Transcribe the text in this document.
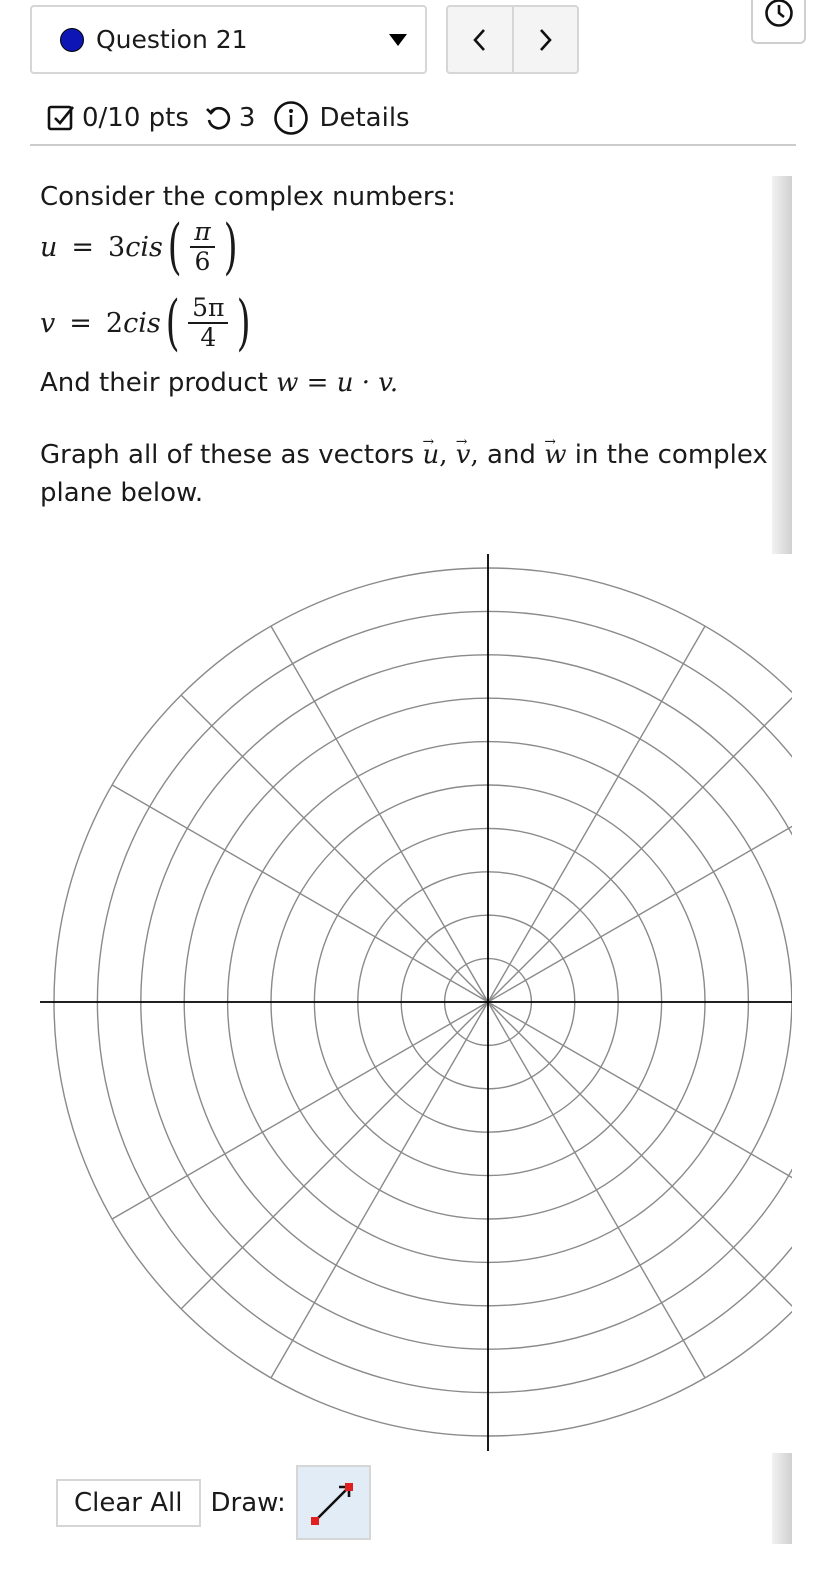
Question 21
0/10 pts 3 Details
Consider the complex numbers:
u = 3 cis ( $\frac{\pi}{6}$ )
v = 2 cis ( $\frac{5\pi}{4}$ )
And their product w = u · v.
Graph all of these as vectors → u, → v, and → w in the complex plane below.
Clear All	Draw:
